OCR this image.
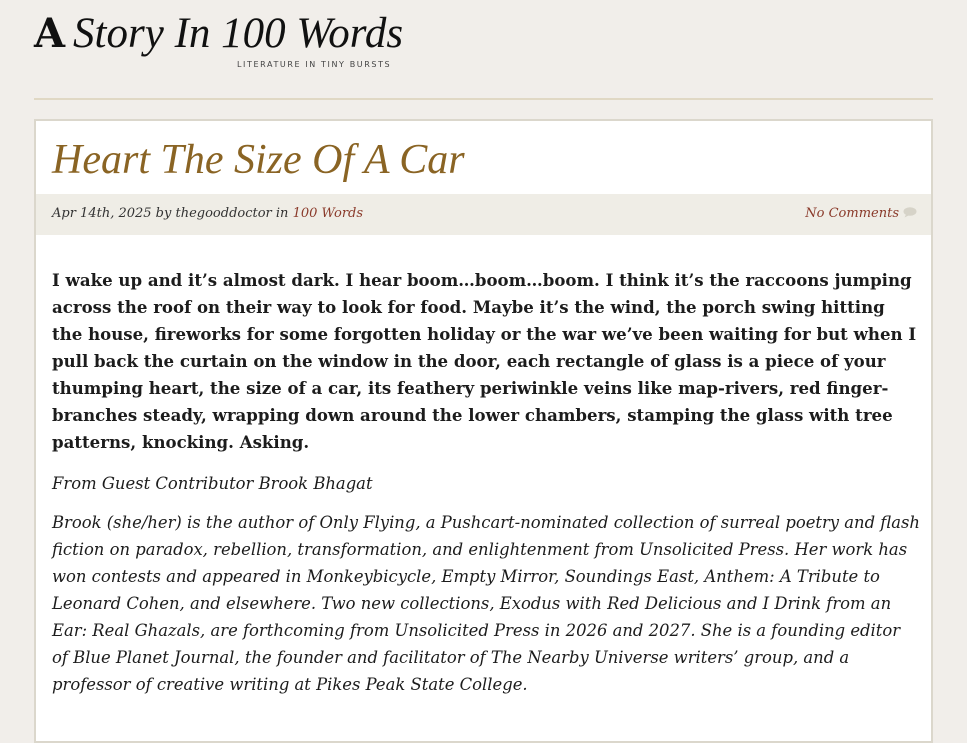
A Story In 100 Words
LITERATURE IN TINY BURSTS
Heart The Size Of A Car
Apr 14th, 2025 by thegooddoctor in 100 Words	No Comments

I wake up and it’s almost dark. I hear boom…boom…boom. I think it’s the raccoons jumping across the roof on their way to look for food. Maybe it’s the wind, the porch swing hitting the house, fireworks for some forgotten holiday or the war we’ve been waiting for but when I pull back the curtain on the window in the door, each rectangle of glass is a piece of your thumping heart, the size of a car, its feathery periwinkle veins like map-rivers, red finger-branches steady, wrapping down around the lower chambers, stamping the glass with tree patterns, knocking. Asking.

From Guest Contributor Brook Bhagat

Brook (she/her) is the author of Only Flying, a Pushcart-nominated collection of surreal poetry and flash fiction on paradox, rebellion, transformation, and enlightenment from Unsolicited Press. Her work has won contests and appeared in Monkeybicycle, Empty Mirror, Soundings East, Anthem: A Tribute to Leonard Cohen, and elsewhere. Two new collections, Exodus with Red Delicious and I Drink from an Ear: Real Ghazals, are forthcoming from Unsolicited Press in 2026 and 2027. She is a founding editor of Blue Planet Journal, the founder and facilitator of The Nearby Universe writers’ group, and a professor of creative writing at Pikes Peak State College.
